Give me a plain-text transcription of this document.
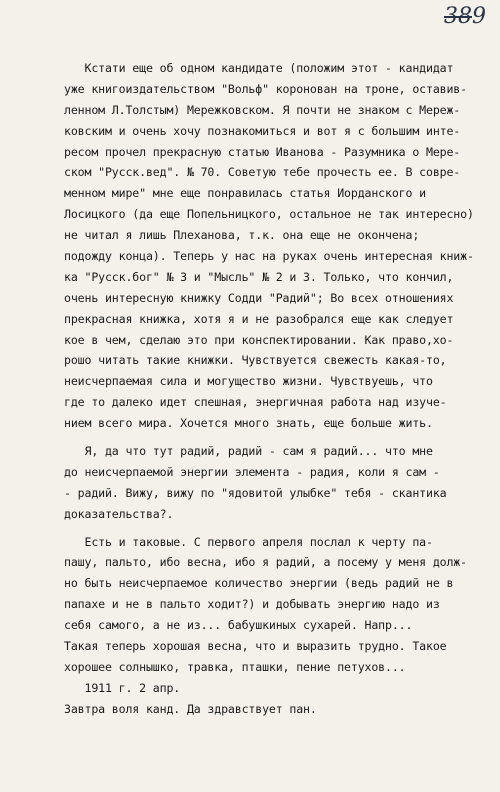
389
Кстати еще об одном кандидате (положим этот - кандидат
уже книгоиздательством "Вольф" коронован на троне, оставив-
ленном Л.Толстым) Мережковском. Я почти не знаком с Мереж-
ковским и очень хочу познакомиться и вот я с большим инте-
ресом прочел прекрасную статью Иванова - Разумника о Мере-
ском "Русск.вед". № 70. Советую тебе прочесть ее. В совре-
менном мире" мне еще понравилась статья Иорданского и
Лосицкого (да еще Попельницкого, остальное не так интересно)
не читал я лишь Плеханова, т.к. она еще не окончена;
подожду конца). Теперь у нас на руках очень интересная книж-
ка "Русск.бог" № 3 и "Мысль" № 2 и 3. Только, что кончил,
очень интересную книжку Содди "Радий"; Во всех отношениях
прекрасная книжка, хотя я и не разобрался еще как следует
кое в чем, сделаю это при конспектировании. Как право,хо-
рошо читать такие книжки. Чувствуется свежесть какая-то,
неисчерпаемая сила и могущество жизни. Чувствуешь, что
где то далеко идет спешная, энергичная работа над изуче-
нием всего мира. Хочется много знать, еще больше жить.
Я, да что тут радий, радий - сам я радий... что мне
до неисчерпаемой энергии элемента - радия, коли я сам -
- радий. Вижу, вижу по "ядовитой улыбке" тебя - скантика
доказательства?.
Есть и таковые. С первого апреля послал к черту па-
пашу, пальто, ибо весна, ибо я радий, а посему у меня долж-
но быть неисчерпаемое количество энергии (ведь радий не в
папахе и не в пальто ходит?) и добывать энергию надо из
себя самого, а не из... бабушкиных сухарей. Напр...
Такая теперь хорошая весна, что и выразить трудно. Такое
хорошее солнышко, травка, пташки, пение петухов...
1911 г. 2 апр.
Завтра воля канд. Да здравствует пан.
